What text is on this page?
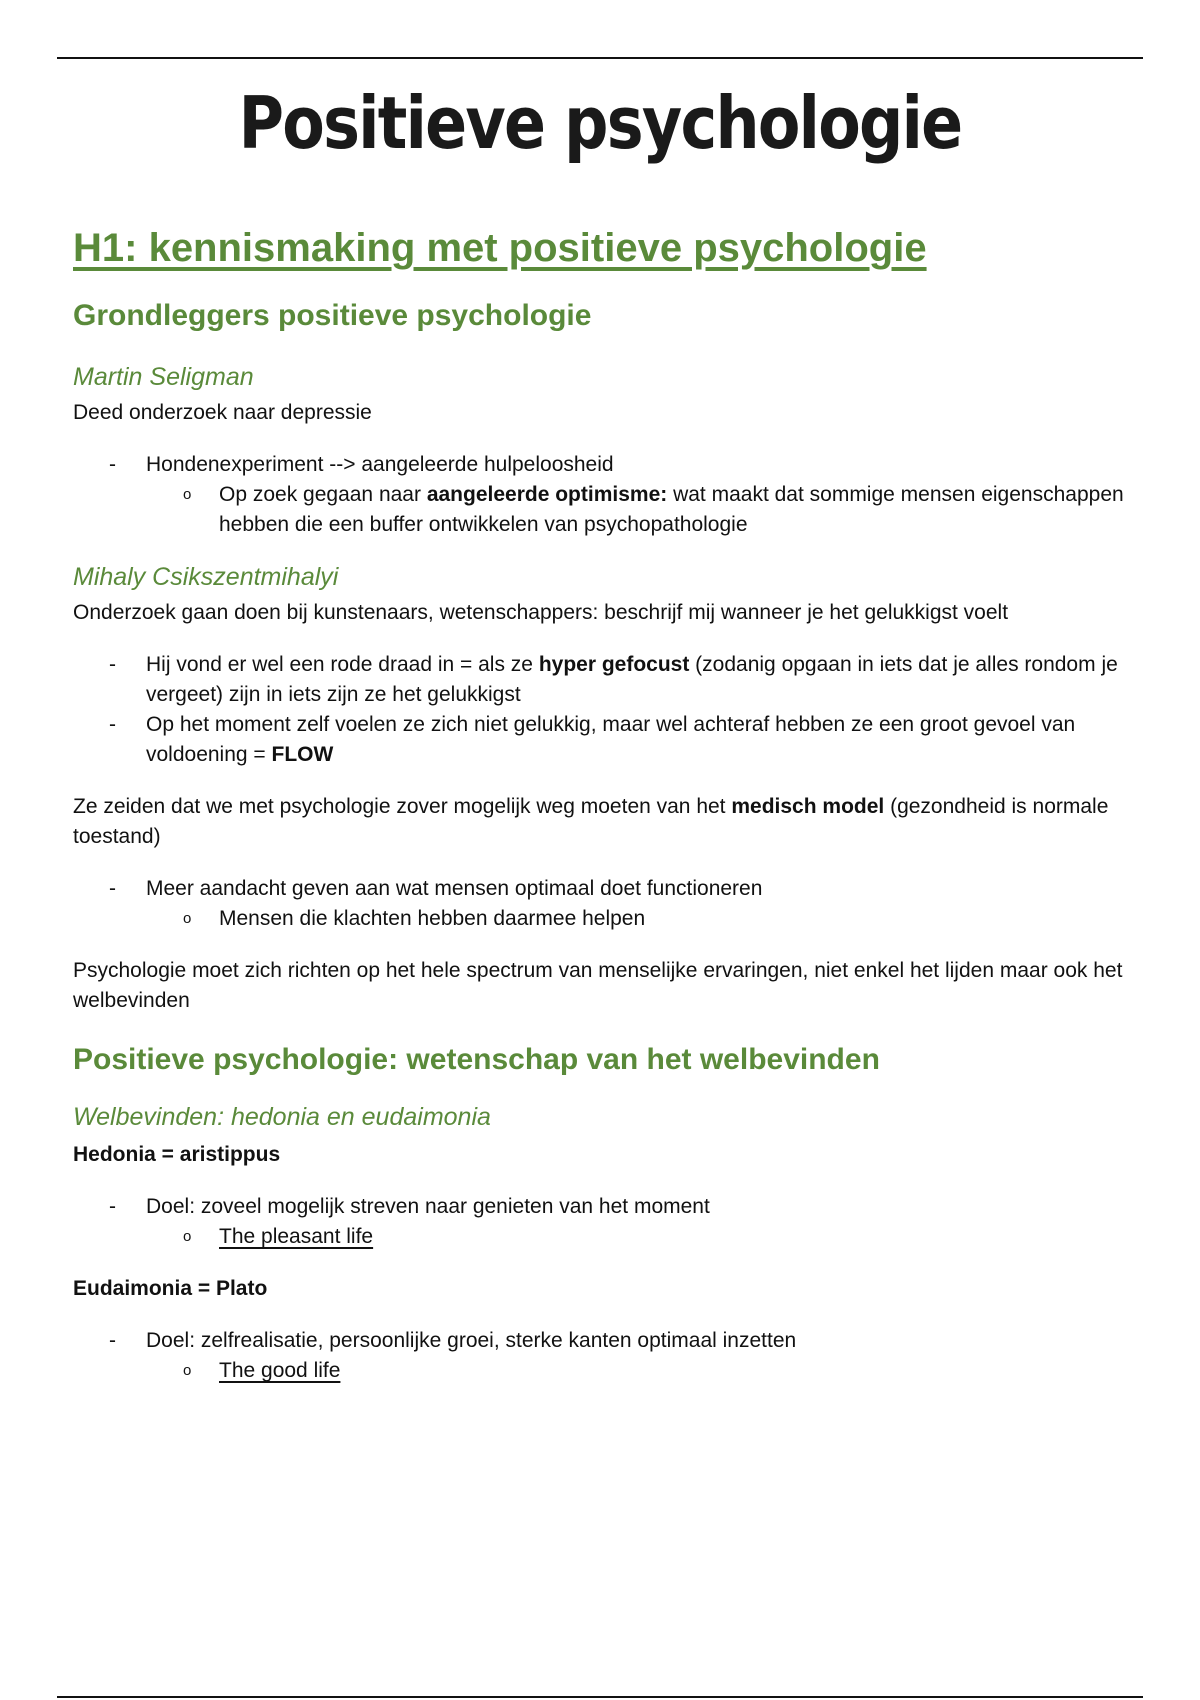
Positieve psychologie
H1: kennismaking met positieve psychologie
Grondleggers positieve psychologie
Martin Seligman

Deed onderzoek naar depressie

- Hondenexperiment --> aangeleerde hulpeloosheid
o Op zoek gegaan naar aangeleerde optimisme: wat maakt dat sommige mensen eigenschappen hebben die een buffer ontwikkelen van psychopathologie
Mihaly Csikszentmihalyi

Onderzoek gaan doen bij kunstenaars, wetenschappers: beschrijf mij wanneer je het gelukkigst voelt

- Hij vond er wel een rode draad in = als ze hyper gefocust (zodanig opgaan in iets dat je alles rondom je vergeet) zijn in iets zijn ze het gelukkigst
- Op het moment zelf voelen ze zich niet gelukkig, maar wel achteraf hebben ze een groot gevoel van voldoening = FLOW

Ze zeiden dat we met psychologie zover mogelijk weg moeten van het medisch model (gezondheid is normale toestand)

- Meer aandacht geven aan wat mensen optimaal doet functioneren
o Mensen die klachten hebben daarmee helpen

Psychologie moet zich richten op het hele spectrum van menselijke ervaringen, niet enkel het lijden maar ook het welbevinden

Positieve psychologie: wetenschap van het welbevinden
Welbevinden: hedonia en eudaimonia

Hedonia = aristippus

- Doel: zoveel mogelijk streven naar genieten van het moment
o The pleasant life

Eudaimonia = Plato

- Doel: zelfrealisatie, persoonlijke groei, sterke kanten optimaal inzetten
o The good life
